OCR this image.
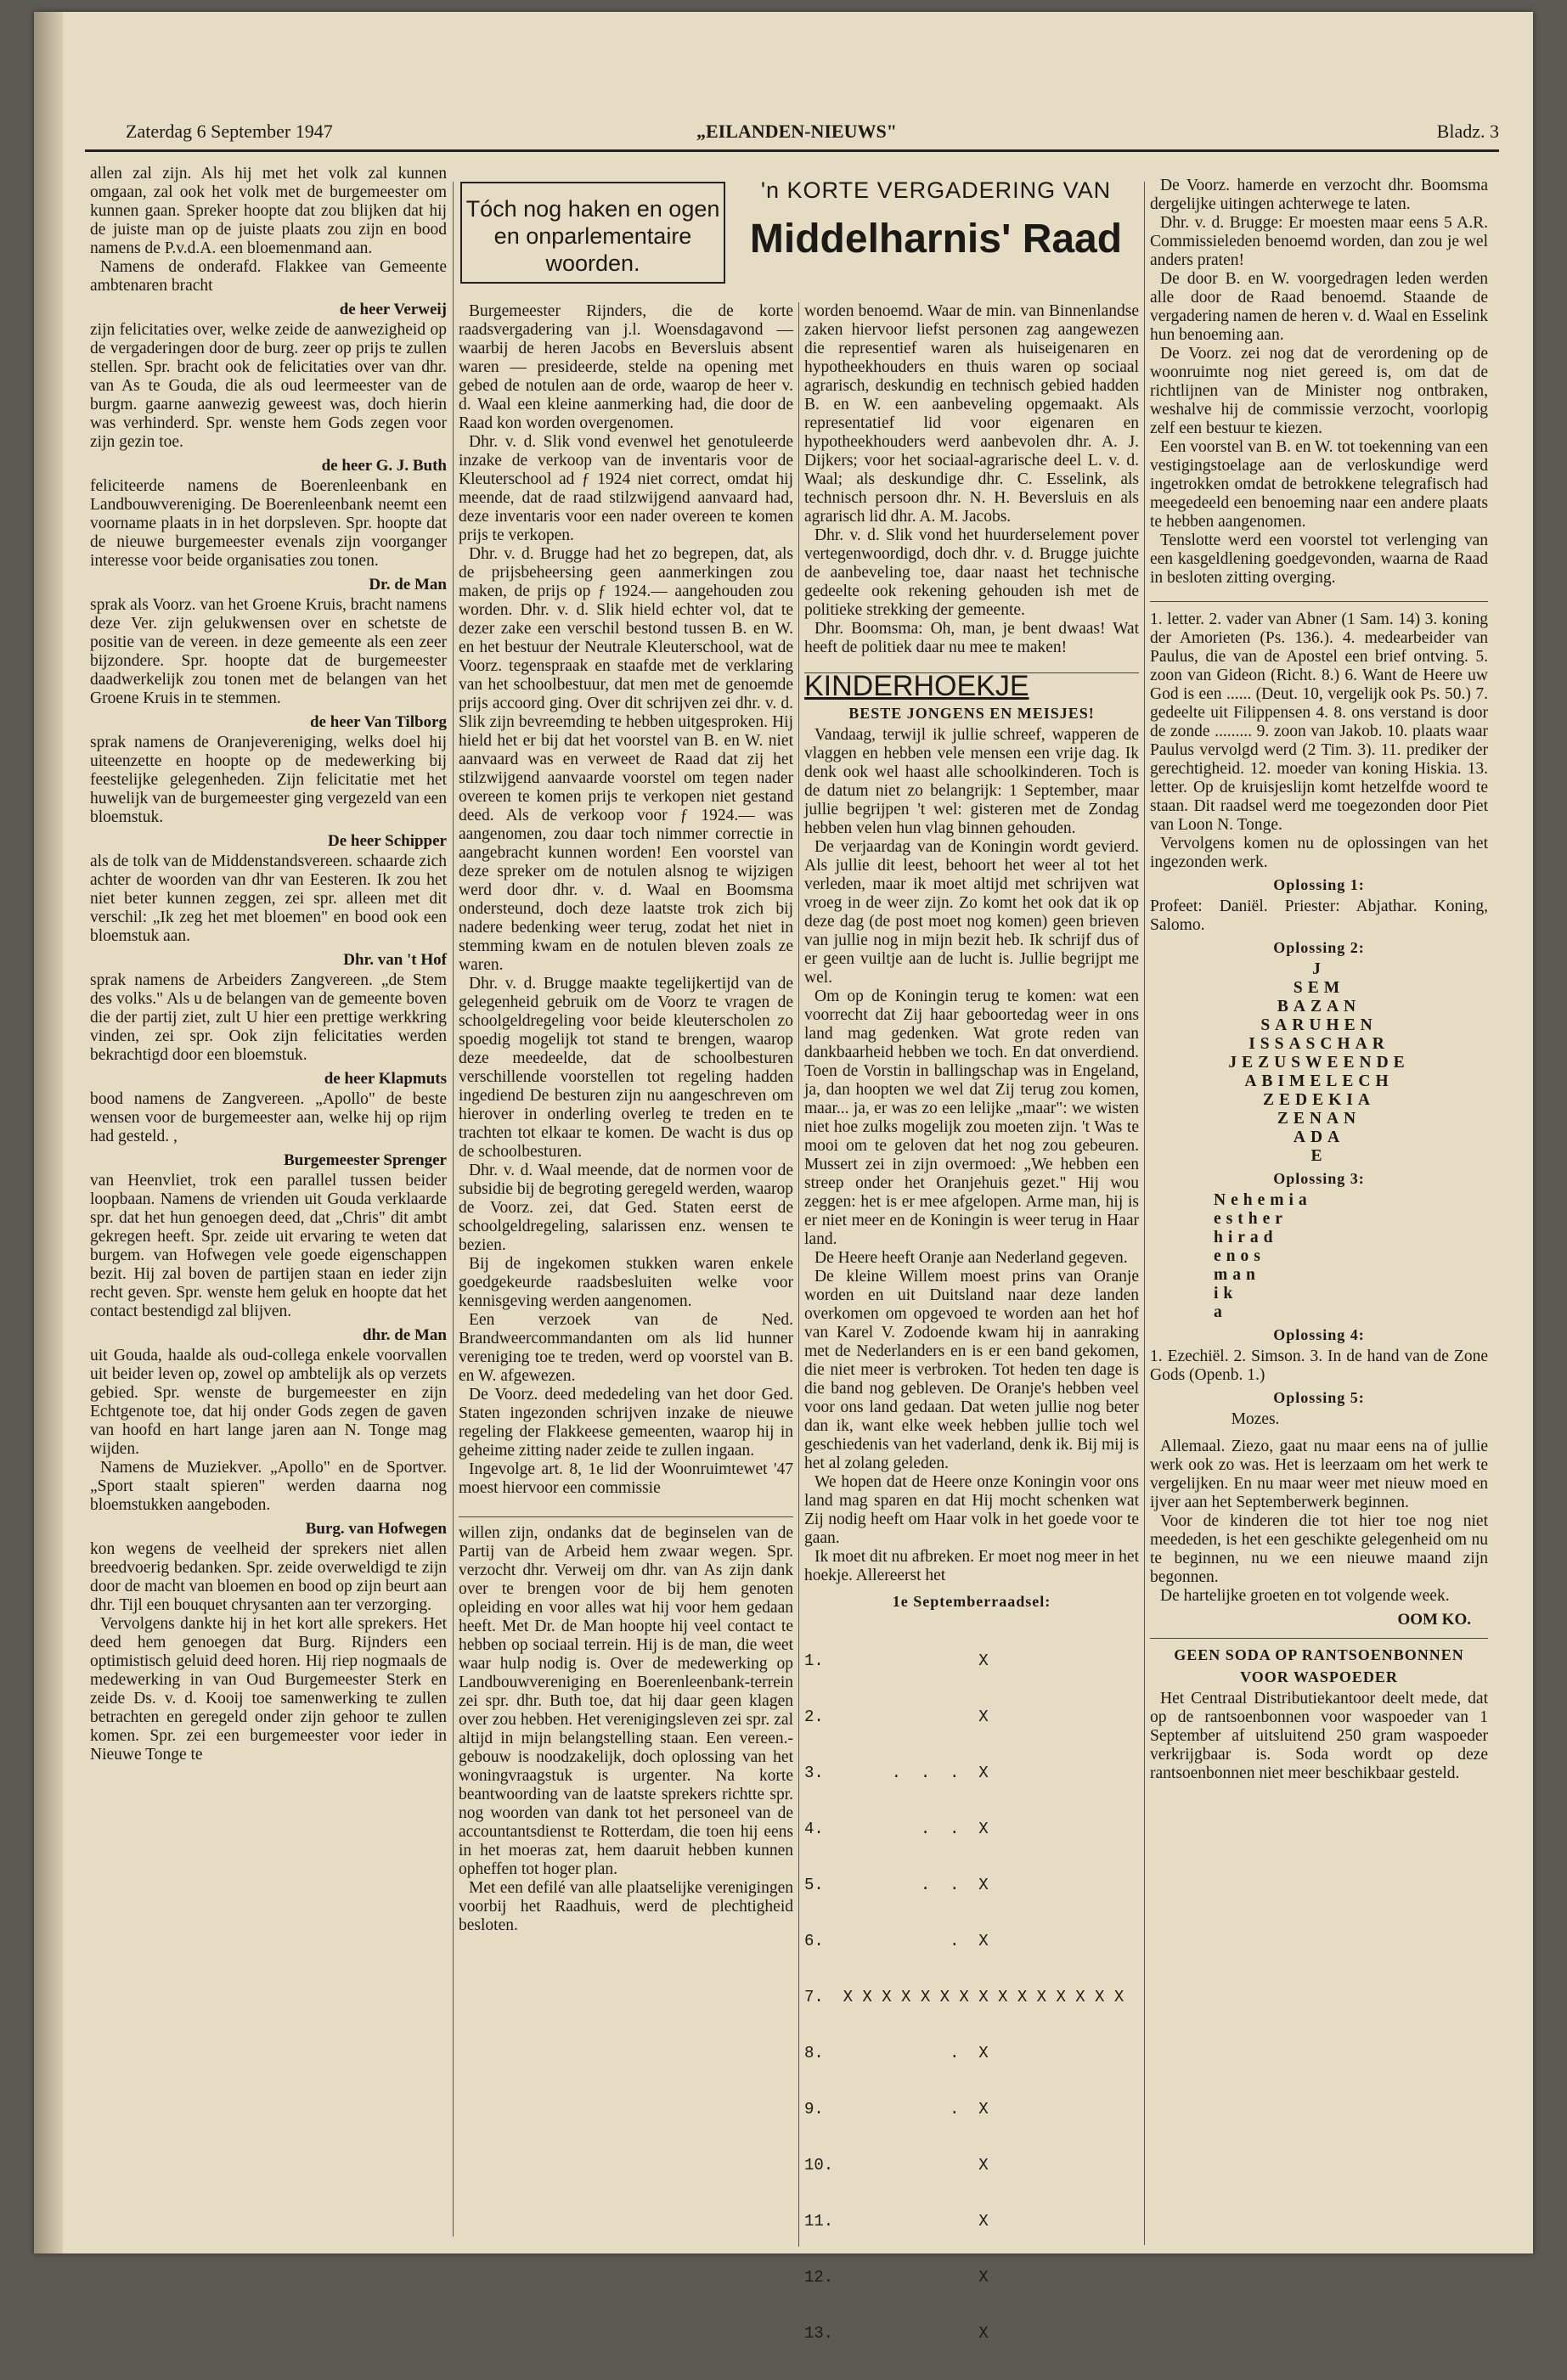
Zaterdag 6 September 1947	„EILANDEN-NIEUWS"	Bladz. 3

allen zal zijn. Als hij met het volk zal kunnen omgaan, zal ook het volk met de burgemeester om kunnen gaan. Spreker hoopte dat zou blijken dat hij de juiste man op de juiste plaats zou zijn en bood namens de P.v.d.A. een bloemenmand aan.

Namens de onderafd. Flakkee van Gemeente ambtenaren bracht

de heer Verweij

zijn felicitaties over, welke zeide de aanwezigheid op de vergaderingen door de burg. zeer op prijs te zullen stellen. Spr. bracht ook de felicitaties over van dhr. van As te Gouda, die als oud leermeester van de burgm. gaarne aanwezig geweest was, doch hierin was verhinderd. Spr. wenste hem Gods zegen voor zijn gezin toe.

de heer G. J. Buth

feliciteerde namens de Boerenleenbank en Landbouwvereniging. De Boerenleenbank neemt een voorname plaats in in het dorpsleven. Spr. hoopte dat de nieuwe burgemeester evenals zijn voorganger interesse voor beide organisaties zou tonen.

Dr. de Man

sprak als Voorz. van het Groene Kruis, bracht namens deze Ver. zijn gelukwensen over en schetste de positie van de vereen. in deze gemeente als een zeer bijzondere. Spr. hoopte dat de burgemeester daadwerkelijk zou tonen met de belangen van het Groene Kruis in te stemmen.

de heer Van Tilborg

sprak namens de Oranjevereniging, welks doel hij uiteenzette en hoopte op de medewerking bij feestelijke gelegenheden. Zijn felicitatie met het huwelijk van de burgemeester ging vergezeld van een bloemstuk.

De heer Schipper

als de tolk van de Middenstandsvereen. schaarde zich achter de woorden van dhr van Eesteren. Ik zou het niet beter kunnen zeggen, zei spr. alleen met dit verschil: „Ik zeg het met bloemen" en bood ook een bloemstuk aan.

Dhr. van 't Hof

sprak namens de Arbeiders Zangvereen. „de Stem des volks." Als u de belangen van de gemeente boven die der partij ziet, zult U hier een prettige werkkring vinden, zei spr. Ook zijn felicitaties werden bekrachtigd door een bloemstuk.

de heer Klapmuts

bood namens de Zangvereen. „Apollo" de beste wensen voor de burgemeester aan, welke hij op rijm had gesteld. ,

Burgemeester Sprenger

van Heenvliet, trok een parallel tussen beider loopbaan. Namens de vrienden uit Gouda verklaarde spr. dat het hun genoegen deed, dat „Chris" dit ambt gekregen heeft. Spr. zeide uit ervaring te weten dat burgem. van Hofwegen vele goede eigenschappen bezit. Hij zal boven de partijen staan en ieder zijn recht geven. Spr. wenste hem geluk en hoopte dat het contact bestendigd zal blijven.

dhr. de Man

uit Gouda, haalde als oud-collega enkele voorvallen uit beider leven op, zowel op ambtelijk als op verzets gebied. Spr. wenste de burgemeester en zijn Echtgenote toe, dat hij onder Gods zegen de gaven van hoofd en hart lange jaren aan N. Tonge mag wijden.

Namens de Muziekver. „Apollo" en de Sportver. „Sport staalt spieren" werden daarna nog bloemstukken aangeboden.

Burg. van Hofwegen

kon wegens de veelheid der sprekers niet allen breedvoerig bedanken. Spr. zeide overweldigd te zijn door de macht van bloemen en bood op zijn beurt aan dhr. Tijl een bouquet chrysanten aan ter verzorging.

Vervolgens dankte hij in het kort alle sprekers. Het deed hem genoegen dat Burg. Rijnders een optimistisch geluid deed horen. Hij riep nogmaals de medewerking in van Oud Burgemeester Sterk en zeide Ds. v. d. Kooij toe samenwerking te zullen betrachten en geregeld onder zijn gehoor te zullen komen. Spr. zei een burgemeester voor ieder in Nieuwe Tonge te

Tóch nog haken en ogen en onparlementaire woorden.
'n KORTE VERGADERING VAN
Middelharnis' Raad

Burgemeester Rijnders, die de korte raadsvergadering van j.l. Woensdagavond — waarbij de heren Jacobs en Beversluis absent waren — presideerde, stelde na opening met gebed de notulen aan de orde, waarop de heer v. d. Waal een kleine aanmerking had, die door de Raad kon worden overgenomen.

Dhr. v. d. Slik vond evenwel het genotuleerde inzake de verkoop van de inventaris voor de Kleuterschool ad ƒ 1924 niet correct, omdat hij meende, dat de raad stilzwijgend aanvaard had, deze inventaris voor een nader overeen te komen prijs te verkopen.

Dhr. v. d. Brugge had het zo begrepen, dat, als de prijsbeheersing geen aanmerkingen zou maken, de prijs op ƒ 1924.— aangehouden zou worden. Dhr. v. d. Slik hield echter vol, dat te dezer zake een verschil bestond tussen B. en W. en het bestuur der Neutrale Kleuterschool, wat de Voorz. tegenspraak en staafde met de verklaring van het schoolbestuur, dat men met de genoemde prijs accoord ging. Over dit schrijven zei dhr. v. d. Slik zijn bevreemding te hebben uitgesproken. Hij hield het er bij dat het voorstel van B. en W. niet aanvaard was en verweet de Raad dat zij het stilzwijgend aanvaarde voorstel om tegen nader overeen te komen prijs te verkopen niet gestand deed. Als de verkoop voor ƒ 1924.— was aangenomen, zou daar toch nimmer correctie in aangebracht kunnen worden! Een voorstel van deze spreker om de notulen alsnog te wijzigen werd door dhr. v. d. Waal en Boomsma ondersteund, doch deze laatste trok zich bij nadere bedenking weer terug, zodat het niet in stemming kwam en de notulen bleven zoals ze waren.

Dhr. v. d. Brugge maakte tegelijkertijd van de gelegenheid gebruik om de Voorz te vragen de schoolgeldregeling voor beide kleuterscholen zo spoedig mogelijk tot stand te brengen, waarop deze meedeelde, dat de schoolbesturen verschillende voorstellen tot regeling hadden ingediend De besturen zijn nu aangeschreven om hierover in onderling overleg te treden en te trachten tot elkaar te komen. De wacht is dus op de schoolbesturen.

Dhr. v. d. Waal meende, dat de normen voor de subsidie bij de begroting geregeld werden, waarop de Voorz. zei, dat Ged. Staten eerst de schoolgeldregeling, salarissen enz. wensen te bezien.

Bij de ingekomen stukken waren enkele goedgekeurde raadsbesluiten welke voor kennisgeving werden aangenomen.

Een verzoek van de Ned. Brandweercommandanten om als lid hunner vereniging toe te treden, werd op voorstel van B. en W. afgewezen.

De Voorz. deed mededeling van het door Ged. Staten ingezonden schrijven inzake de nieuwe regeling der Flakkeese gemeenten, waarop hij in geheime zitting nader zeide te zullen ingaan.

Ingevolge art. 8, 1e lid der Woonruimtewet '47 moest hiervoor een commissie

willen zijn, ondanks dat de beginselen van de Partij van de Arbeid hem zwaar wegen. Spr. verzocht dhr. Verweij om dhr. van As zijn dank over te brengen voor de bij hem genoten opleiding en voor alles wat hij voor hem gedaan heeft. Met Dr. de Man hoopte hij veel contact te hebben op sociaal terrein. Hij is de man, die weet waar hulp nodig is. Over de medewerking op Landbouwvereniging en Boerenleenbank-terrein zei spr. dhr. Buth toe, dat hij daar geen klagen over zou hebben. Het verenigingsleven zei spr. zal altijd in mijn belangstelling staan. Een vereen.-gebouw is noodzakelijk, doch oplossing van het woningvraagstuk is urgenter. Na korte beantwoording van de laatste sprekers richtte spr. nog woorden van dank tot het personeel van de accountantsdienst te Rotterdam, die toen hij eens in het moeras zat, hem daaruit hebben kunnen opheffen tot hoger plan.

Met een defilé van alle plaatselijke verenigingen voorbij het Raadhuis, werd de plechtigheid besloten.

worden benoemd. Waar de min. van Binnenlandse zaken hiervoor liefst personen zag aangewezen die representief waren als huiseigenaren en hypotheekhouders en thuis waren op sociaal agrarisch, deskundig en technisch gebied hadden B. en W. een aanbeveling opgemaakt. Als representatief lid voor eigenaren en hypotheekhouders werd aanbevolen dhr. A. J. Dijkers; voor het sociaal-agrarische deel L. v. d. Waal; als deskundige dhr. C. Esselink, als technisch persoon dhr. N. H. Beversluis en als agrarisch lid dhr. A. M. Jacobs.

Dhr. v. d. Slik vond het huurderselement pover vertegenwoordigd, doch dhr. v. d. Brugge juichte de aanbeveling toe, daar naast het technische gedeelte ook rekening gehouden ish met de politieke strekking der gemeente.

Dhr. Boomsma: Oh, man, je bent dwaas! Wat heeft de politiek daar nu mee te maken!

KINDERHOEKJE
BESTE JONGENS EN MEISJES!

Vandaag, terwijl ik jullie schreef, wapperen de vlaggen en hebben vele mensen een vrije dag. Ik denk ook wel haast alle schoolkinderen. Toch is de datum niet zo belangrijk: 1 September, maar jullie begrijpen 't wel: gisteren met de Zondag hebben velen hun vlag binnen gehouden.

De verjaardag van de Koningin wordt gevierd. Als jullie dit leest, behoort het weer al tot het verleden, maar ik moet altijd met schrijven wat vroeg in de weer zijn. Zo komt het ook dat ik op deze dag (de post moet nog komen) geen brieven van jullie nog in mijn bezit heb. Ik schrijf dus of er geen vuiltje aan de lucht is. Jullie begrijpt me wel.

Om op de Koningin terug te komen: wat een voorrecht dat Zij haar geboortedag weer in ons land mag gedenken. Wat grote reden van dankbaarheid hebben we toch. En dat onverdiend. Toen de Vorstin in ballingschap was in Engeland, ja, dan hoopten we wel dat Zij terug zou komen, maar... ja, er was zo een lelijke „maar": we wisten niet hoe zulks mogelijk zou moeten zijn. 't Was te mooi om te geloven dat het nog zou gebeuren. Mussert zei in zijn overmoed: „We hebben een streep onder het Oranjehuis gezet." Hij wou zeggen: het is er mee afgelopen. Arme man, hij is er niet meer en de Koningin is weer terug in Haar land.

De Heere heeft Oranje aan Nederland gegeven.

De kleine Willem moest prins van Oranje worden en uit Duitsland naar deze landen overkomen om opgevoed te worden aan het hof van Karel V. Zodoende kwam hij in aanraking met de Nederlanders en is er een band gekomen, die niet meer is verbroken. Tot heden ten dage is die band nog gebleven. De Oranje's hebben veel voor ons land gedaan. Dat weten jullie nog beter dan ik, want elke week hebben jullie toch wel geschiedenis van het vaderland, denk ik. Bij mij is het al zolang geleden.

We hopen dat de Heere onze Koningin voor ons land mag sparen en dat Hij mocht schenken wat Zij nodig heeft om Haar volk in het goede voor te gaan.

Ik moet dit nu afbreken. Er moet nog meer in het hoekje. Allereerst het

1e Septemberraadsel:

1.                X

2.                X

3.       .  .  .  X

4.          .  .  X

5.          .  .  X

6.             .  X

7.  X X X X X X X X X X X X X X X

8.             .  X

9.             .  X

10.               X

11.               X

12.               X

13.               X

De Voorz. hamerde en verzocht dhr. Boomsma dergelijke uitingen achterwege te laten.

Dhr. v. d. Brugge: Er moesten maar eens 5 A.R. Commissieleden benoemd worden, dan zou je wel anders praten!

De door B. en W. voorgedragen leden werden alle door de Raad benoemd. Staande de vergadering namen de heren v. d. Waal en Esselink hun benoeming aan.

De Voorz. zei nog dat de verordening op de woonruimte nog niet gereed is, om dat de richtlijnen van de Minister nog ontbraken, weshalve hij de commissie verzocht, voorlopig zelf een bestuur te kiezen.

Een voorstel van B. en W. tot toekenning van een vestigingstoelage aan de verloskundige werd ingetrokken omdat de betrokkene telegrafisch had meegedeeld een benoeming naar een andere plaats te hebben aangenomen.

Tenslotte werd een voorstel tot verlenging van een kasgeldlening goedgevonden, waarna de Raad in besloten zitting overging.

1. letter. 2. vader van Abner (1 Sam. 14) 3. koning der Amorieten (Ps. 136.). 4. medearbeider van Paulus, die van de Apostel een brief ontving. 5. zoon van Gideon (Richt. 8.) 6. Want de Heere uw God is een ...... (Deut. 10, vergelijk ook Ps. 50.) 7. gedeelte uit Filippensen 4. 8. ons verstand is door de zonde ......... 9. zoon van Jakob. 10. plaats waar Paulus vervolgd werd (2 Tim. 3). 11. prediker der gerechtigheid. 12. moeder van koning Hiskia. 13. letter. Op de kruisjeslijn komt hetzelfde woord te staan. Dit raadsel werd me toegezonden door Piet van Loon N. Tonge.

Vervolgens komen nu de oplossingen van het ingezonden werk.

Oplossing 1:

Profeet: Daniël. Priester: Abjathar. Koning, Salomo.

Oplossing 2:
J
SEM
BAZAN
SARUHEN
ISSASCHAR
JEZUSWEENDE
ABIMELECH
ZEDEKIA
ZENAN
ADA
E
Oplossing 3:
Nehemia
esther
hirad
enos
man
ik
a
Oplossing 4:

1. Ezechiël. 2. Simson. 3. In de hand van de Zone Gods (Openb. 1.)

Oplossing 5:
Mozes.

Allemaal. Ziezo, gaat nu maar eens na of jullie werk ook zo was. Het is leerzaam om het werk te vergelijken. En nu maar weer met nieuw moed en ijver aan het Septemberwerk beginnen.

Voor de kinderen die tot hier toe nog niet meededen, is het een geschikte gelegenheid om nu te beginnen, nu we een nieuwe maand zijn begonnen.

De hartelijke groeten en tot volgende week.

OOM KO.
GEEN SODA OP RANTSOENBONNEN
VOOR WASPOEDER

Het Centraal Distributiekantoor deelt mede, dat op de rantsoenbonnen voor waspoeder van 1 September af uitsluitend 250 gram waspoeder verkrijgbaar is. Soda wordt op deze rantsoenbonnen niet meer beschikbaar gesteld.
